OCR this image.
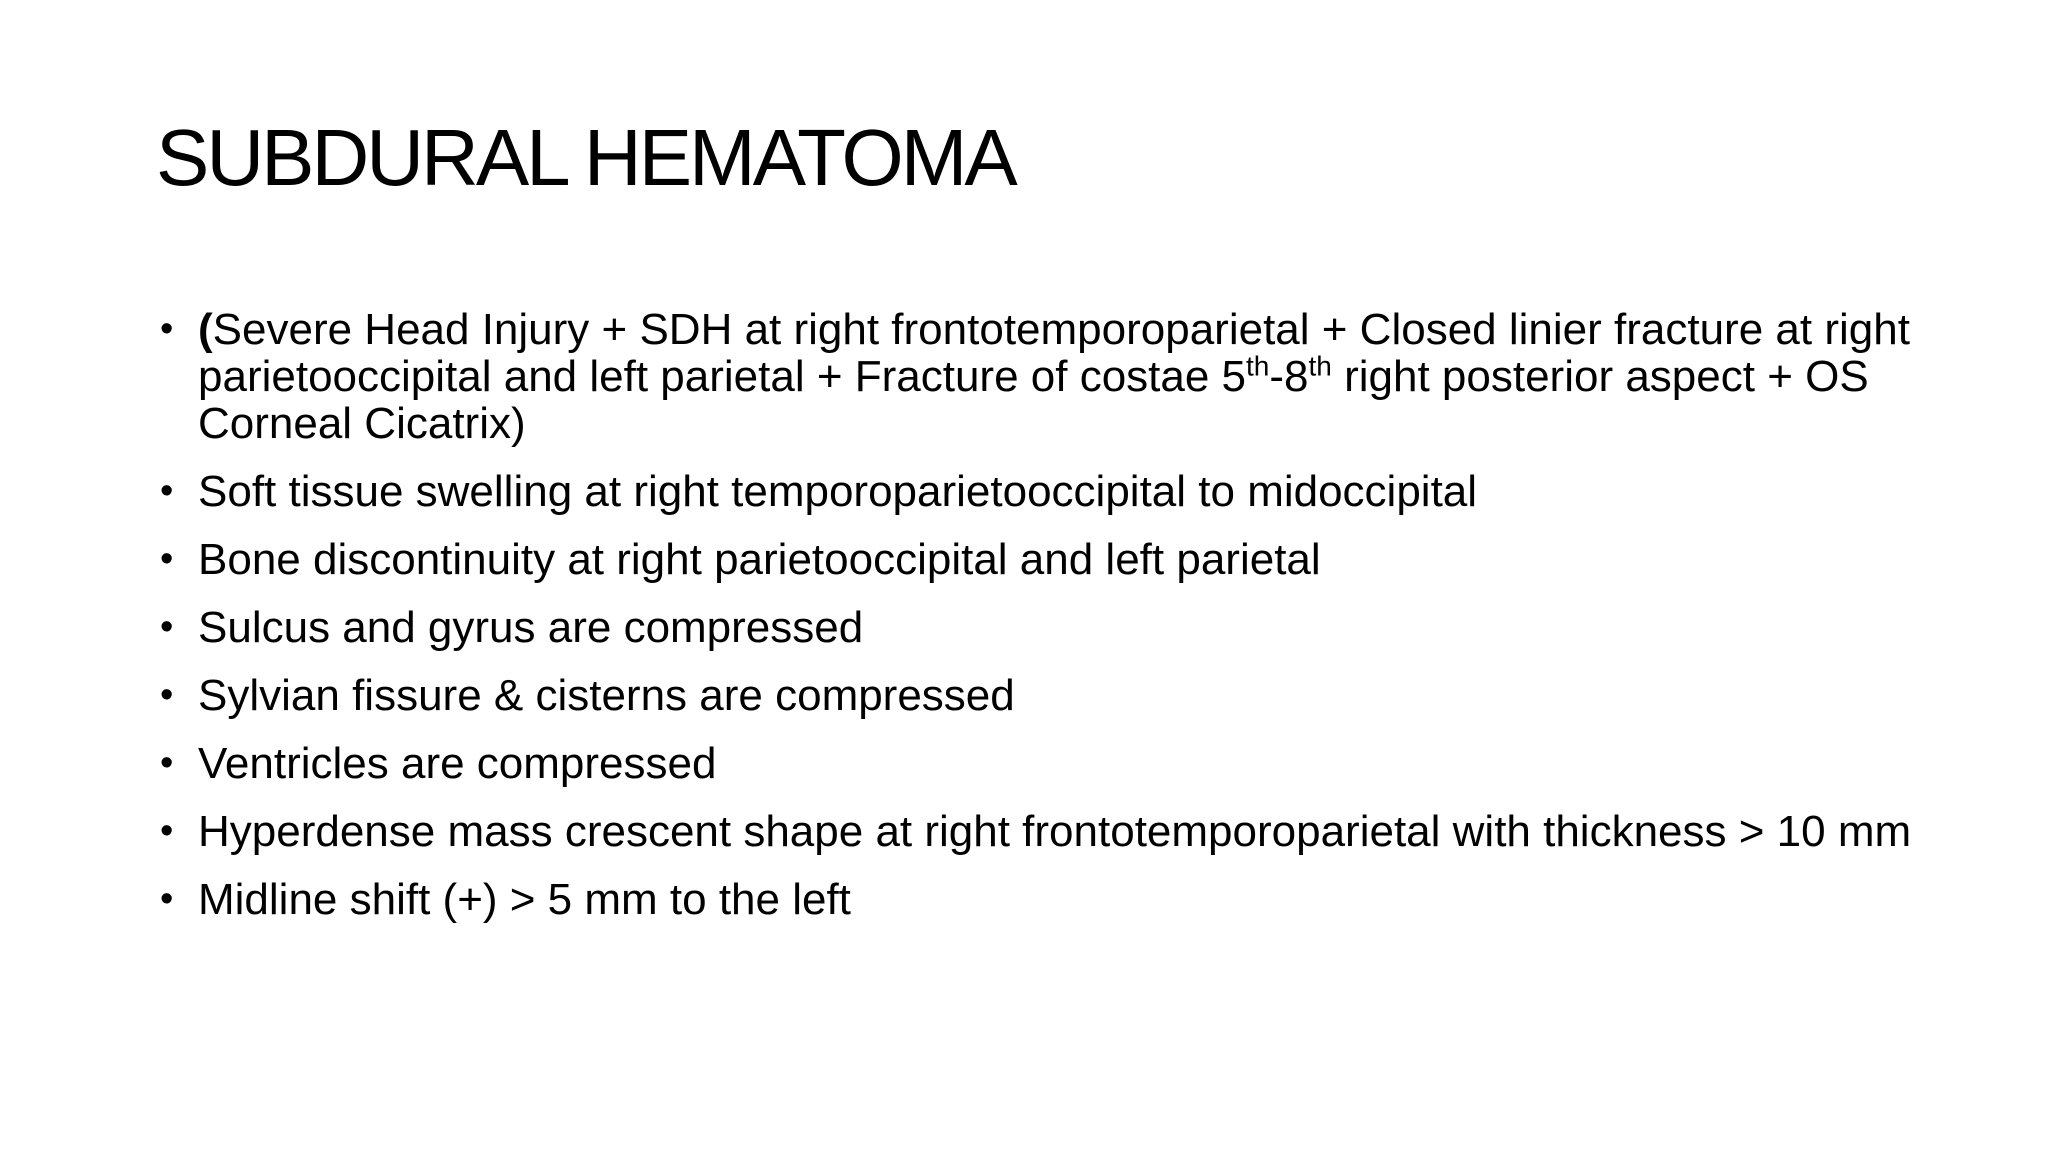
SUBDURAL HEMATOMA
• (Severe Head Injury + SDH at right frontotemporoparietal + Closed linier fracture at right parietooccipital and left parietal + Fracture of costae 5th-8th right posterior aspect + OS Corneal Cicatrix)
• Soft tissue swelling at right temporoparietooccipital to midoccipital
• Bone discontinuity at right parietooccipital and left parietal
• Sulcus and gyrus are compressed
• Sylvian fissure & cisterns are compressed
• Ventricles are compressed
• Hyperdense mass crescent shape at right frontotemporoparietal with thickness > 10 mm
• Midline shift (+) > 5 mm to the left
